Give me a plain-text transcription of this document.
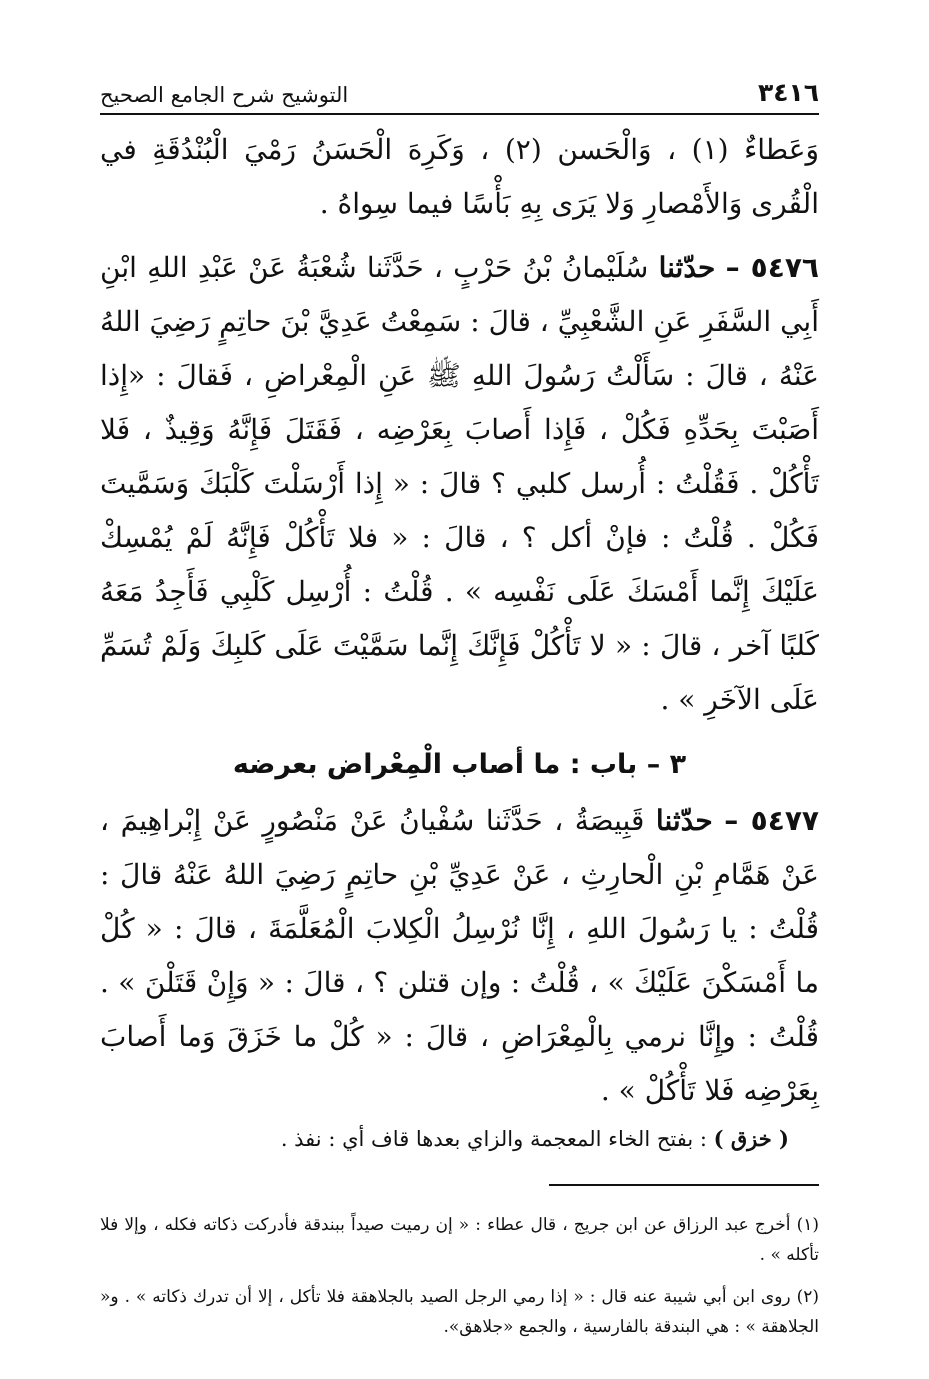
٣٤١٦
التوشيح شرح الجامع الصحيح

وَعَطاءٌ (١) ، وَالْحَسن (٢) ، وَكَرِهَ الْحَسَنُ رَمْيَ الْبُنْدُقَةِ في الْقُرى وَالأَمْصارِ وَلا يَرَى بِهِ بَأْسًا فيما سِواهُ .

٥٤٧٦ – حدّثنا سُلَيْمانُ بْنُ حَرْبٍ ، حَدَّثَنا شُعْبَةُ عَنْ عَبْدِ اللهِ ابْنِ أَبِي السَّفَرِ عَنِ الشَّعْبِيِّ ، قالَ : سَمِعْتُ عَدِيَّ بْنَ حاتِمٍ رَضِيَ اللهُ عَنْهُ ، قالَ : سَأَلْتُ رَسُولَ اللهِ ﷺ عَنِ الْمِعْراضِ ، فَقالَ : «إِذا أَصَبْتَ بِحَدِّهِ فَكُلْ ، فَإِذا أَصابَ بِعَرْضِه ، فَقَتَلَ فَإِنَّهُ وَقِيذٌ ، فَلا تَأْكُلْ . فَقُلْتُ : أُرسل كلبي ؟ قالَ : « إِذا أَرْسَلْتَ كَلْبَكَ وَسَمَّيتَ فَكُلْ . قُلْتُ : فإنْ أكل ؟ ، قالَ : « فلا تَأْكُلْ فَإِنَّهُ لَمْ يُمْسِكْ عَلَيْكَ إِنَّما أَمْسَكَ عَلَى نَفْسِه » . قُلْتُ : أُرْسِل كَلْبِي فَأَجِدُ مَعَهُ كَلبًا آخر ، قالَ : « لا تَأْكُلْ فَإِنَّكَ إِنَّما سَمَّيْتَ عَلَى كَلبِكَ وَلَمْ تُسَمِّ عَلَى الآخَرِ » .

٣ – باب : ما أصاب الْمِعْراض بعرضه

٥٤٧٧ – حدّثنا قَبِيصَةُ ، حَدَّثَنا سُفْيانُ عَنْ مَنْصُورٍ عَنْ إِبْراهِيمَ ، عَنْ هَمَّامِ بْنِ الْحارِثِ ، عَنْ عَدِيِّ بْنِ حاتِمٍ رَضِيَ اللهُ عَنْهُ قالَ : قُلْتُ : يا رَسُولَ اللهِ ، إِنَّا نُرْسِلُ الْكِلابَ الْمُعَلَّمَةَ ، قالَ : « كُلْ ما أَمْسَكْنَ عَلَيْكَ » ، قُلْتُ : وإن قتلن ؟ ، قالَ : « وَإِنْ قَتَلْنَ » . قُلْتُ : وإِنَّا نرمي بِالْمِعْرَاضِ ، قالَ : « كُلْ ما خَزَقَ وَما أَصابَ بِعَرْضِه فَلا تَأْكُلْ » .

( خزق ) : بفتح الخاء المعجمة والزاي بعدها قاف أي : نفذ .

(١) أخرج عبد الرزاق عن ابن جريج ، قال عطاء : « إن رميت صيداً ببندقة فأدركت ذكاته فكله ، وإلا فلا تأكله » .

(٢) روى ابن أبي شيبة عنه قال : « إذا رمي الرجل الصيد بالجلاهقة فلا تأكل ، إلا أن تدرك ذكاته » . و« الجلاهقة » : هي البندقة بالفارسية ، والجمع «جلاهق».
